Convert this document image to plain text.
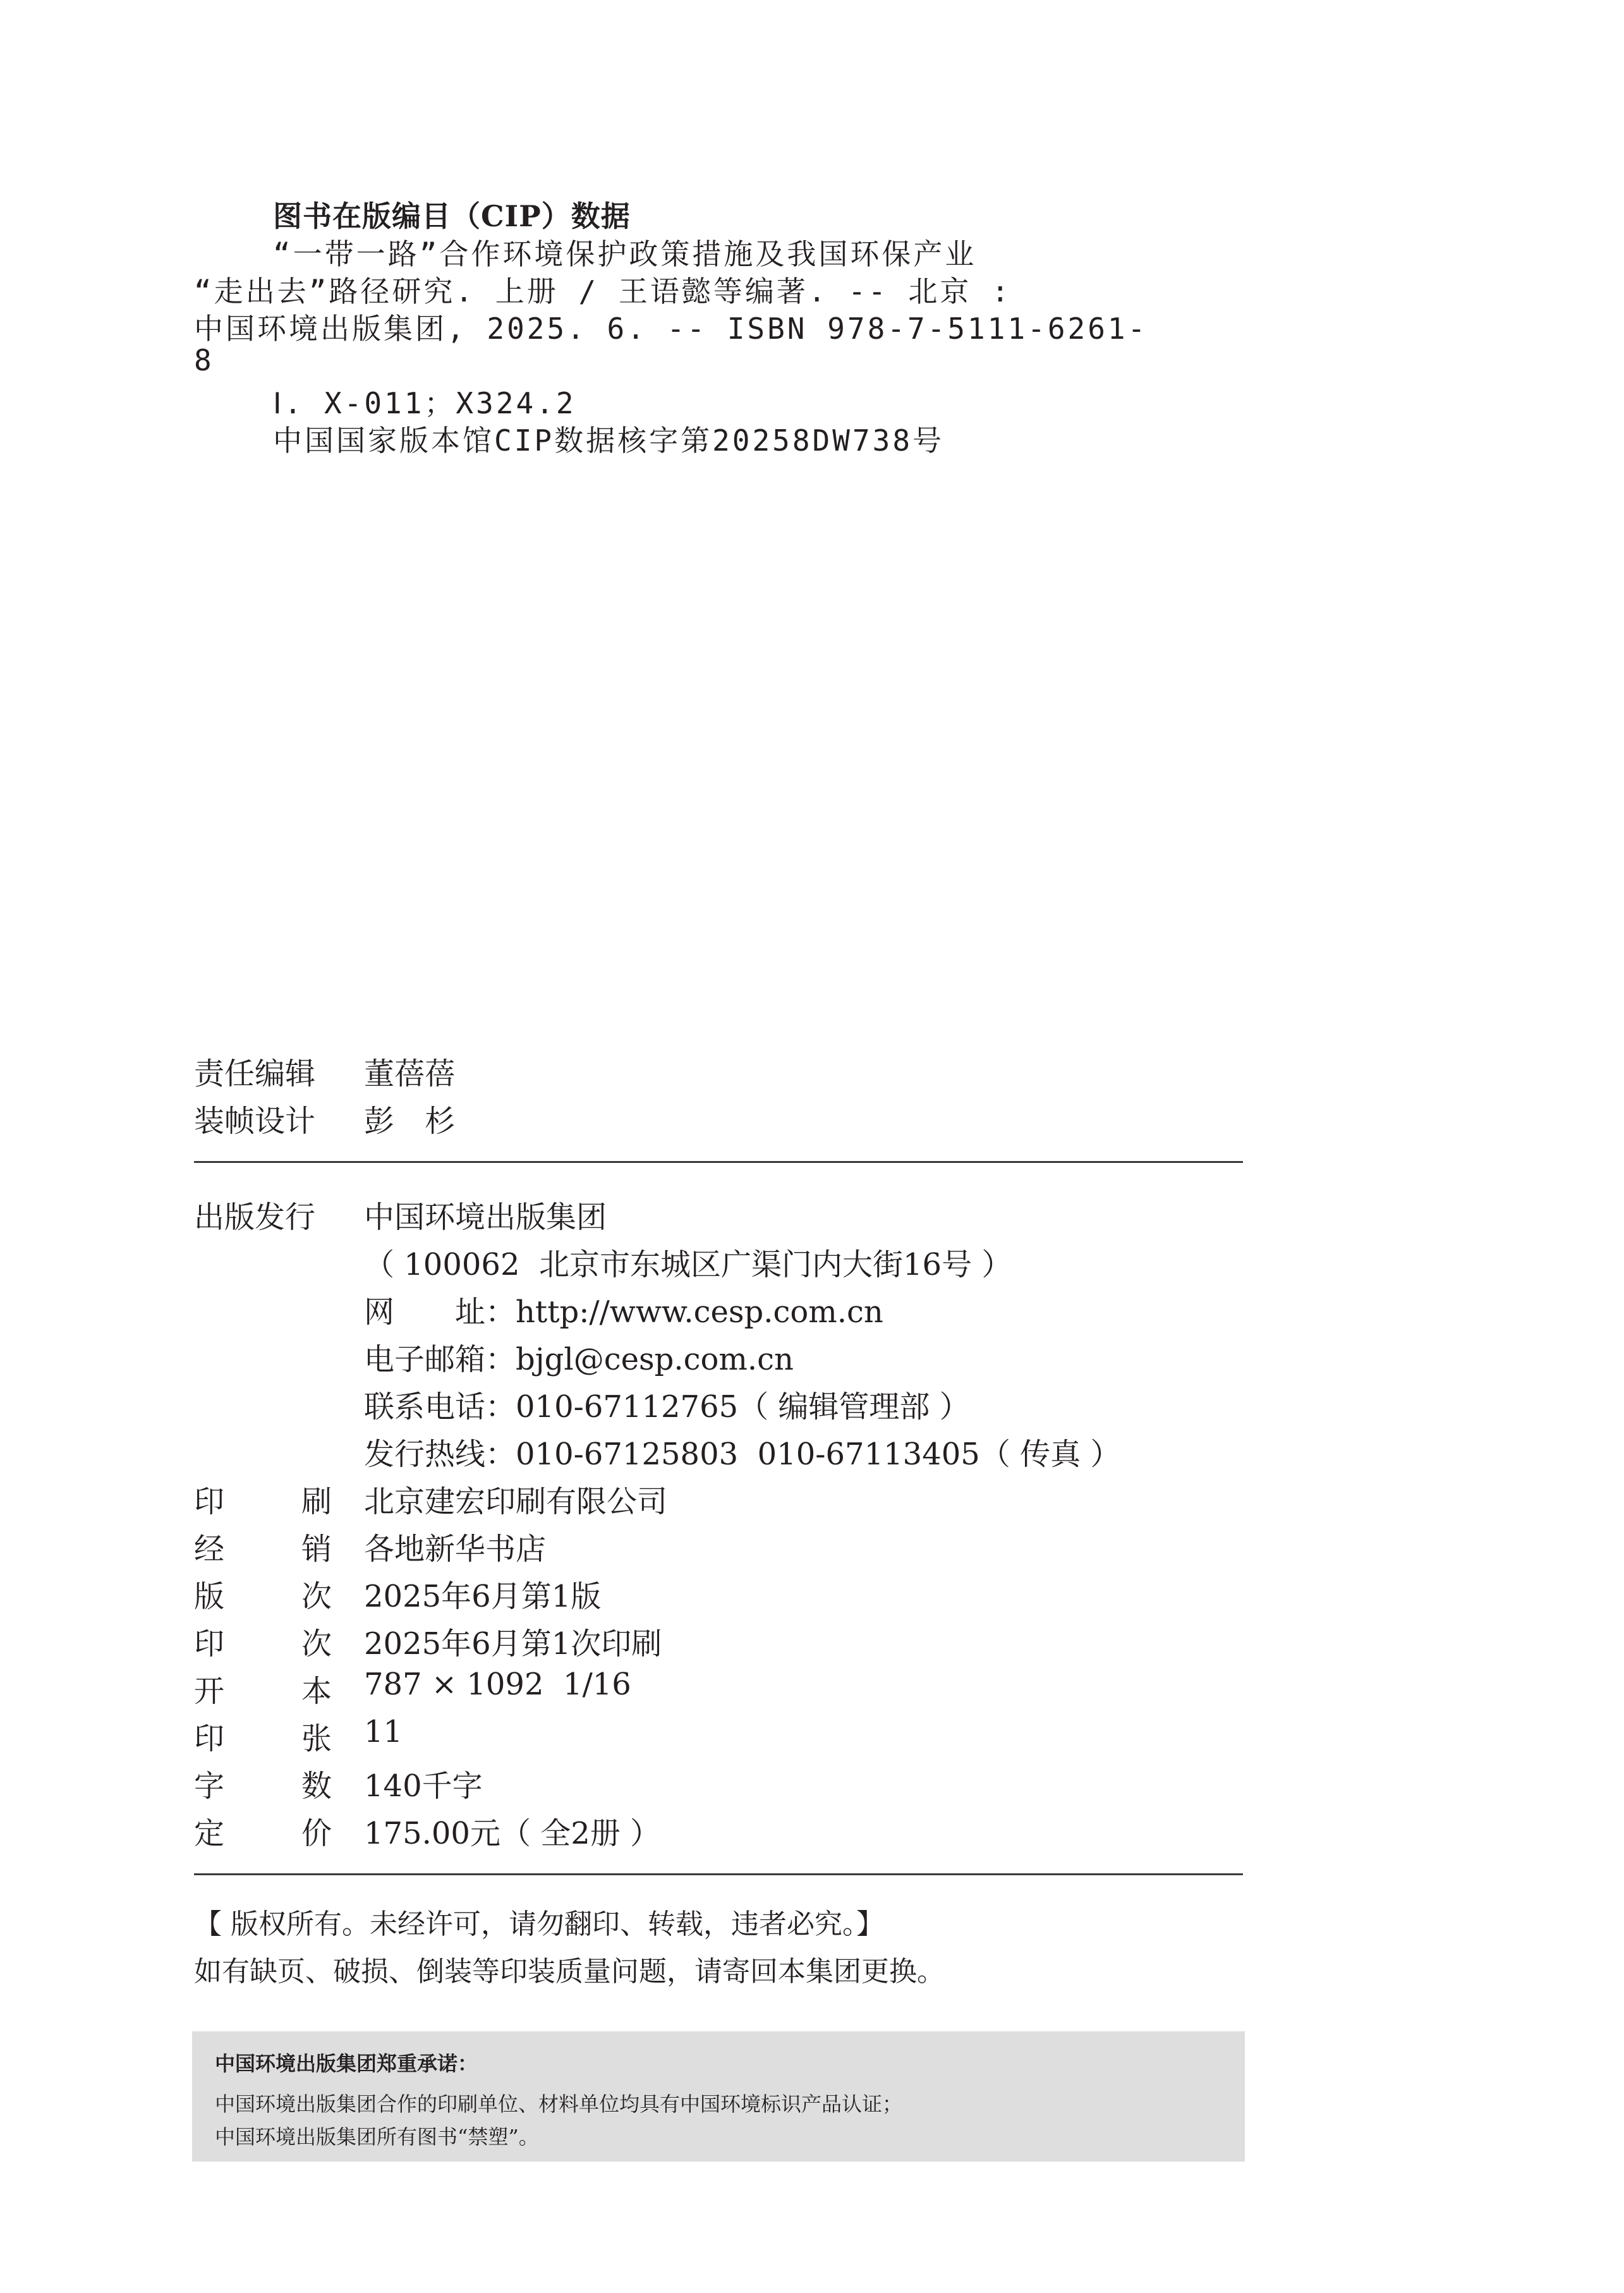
图书在版编目（CIP）数据
“一带一路”合作环境保护政策措施及我国环保产业
“走出去”路径研究. 上册 / 王语懿等编著. -- 北京 :
中国环境出版集团, 2025. 6. -- ISBN 978-7-5111-6261-
8
Ⅰ. X-011；X324.2
中国国家版本馆CIP数据核字第20258DW738号
责任编辑 董蓓蓓
装帧设计 彭　杉
出版发行 中国环境出版集团
（ 100062  北京市东城区广渠门内大街16号 ）
网　　址：http://www.cesp.com.cn
电子邮箱：bjgl@cesp.com.cn
联系电话：010-67112765（ 编辑管理部 ）
发行热线：010-67125803  010-67113405（ 传真 ）
印	刷 北京建宏印刷有限公司
经	销 各地新华书店
版	次 2025年6月第1版
印	次 2025年6月第1次印刷
开	本 787 × 1092  1/16
印	张 11
字	数 140千字
定	价 175.00元（ 全2册 ）
【 版权所有。未经许可，请勿翻印、转载，违者必究。】
如有缺页、破损、倒装等印装质量问题，请寄回本集团更换。
中国环境出版集团郑重承诺：
中国环境出版集团合作的印刷单位、材料单位均具有中国环境标识产品认证；
中国环境出版集团所有图书“禁塑”。
